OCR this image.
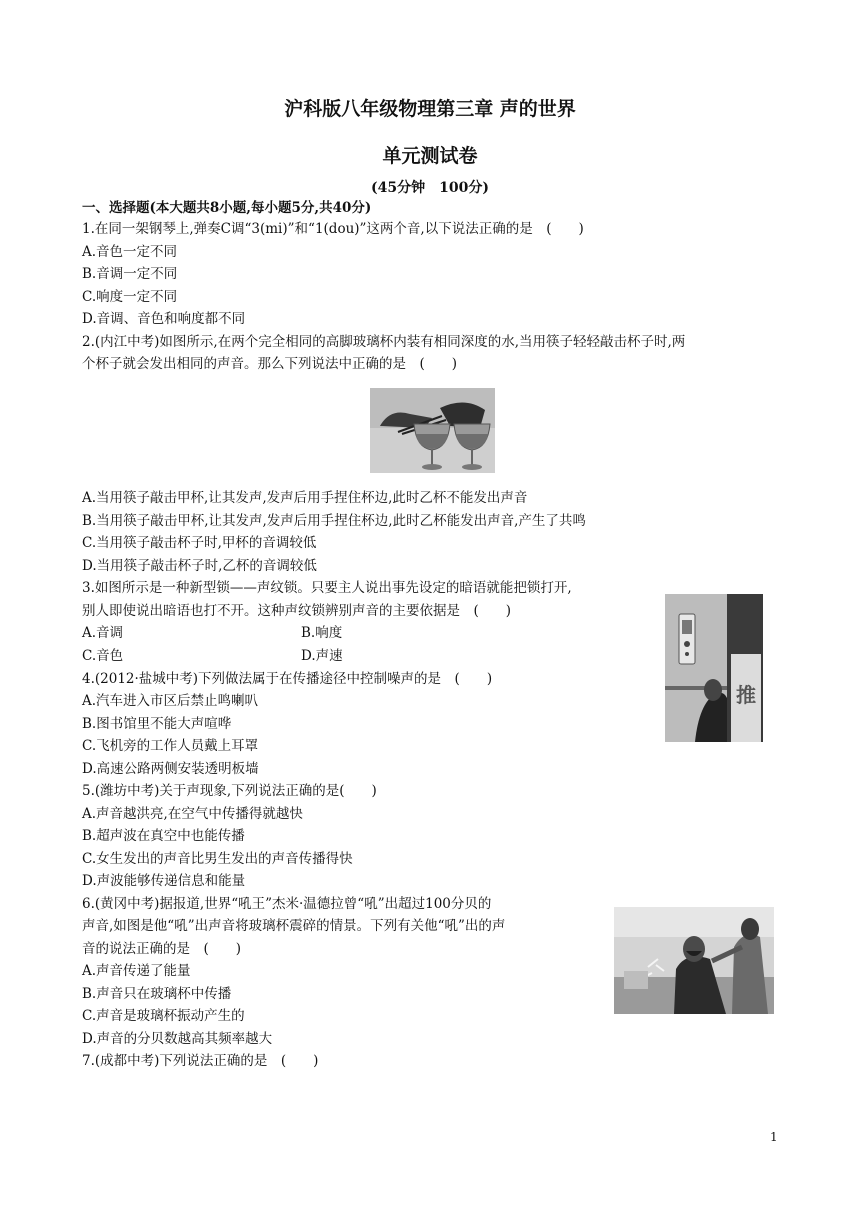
沪科版八年级物理第三章 声的世界
单元测试卷
(45分钟　100分)
一、选择题(本大题共8小题,每小题5分,共40分)
1.在同一架钢琴上,弹奏C调“3(mi)”和“1(dou)”这两个音,以下说法正确的是　(　　)
A.音色一定不同
B.音调一定不同
C.响度一定不同
D.音调、音色和响度都不同
2.(内江中考)如图所示,在两个完全相同的高脚玻璃杯内装有相同深度的水,当用筷子轻轻敲击杯子时,两
个杯子就会发出相同的声音。那么下列说法中正确的是　(　　)
A.当用筷子敲击甲杯,让其发声,发声后用手捏住杯边,此时乙杯不能发出声音
B.当用筷子敲击甲杯,让其发声,发声后用手捏住杯边,此时乙杯能发出声音,产生了共鸣
C.当用筷子敲击杯子时,甲杯的音调较低
D.当用筷子敲击杯子时,乙杯的音调较低
3.如图所示是一种新型锁——声纹锁。只要主人说出事先设定的暗语就能把锁打开,
别人即使说出暗语也打不开。这种声纹锁辨别声音的主要依据是　(　　)
A.音调	B.响度
C.音色	D.声速
推
4.(2012·盐城中考)下列做法属于在传播途径中控制噪声的是　(　　)
A.汽车进入市区后禁止鸣喇叭
B.图书馆里不能大声喧哗
C.飞机旁的工作人员戴上耳罩
D.高速公路两侧安装透明板墙
5.(潍坊中考)关于声现象,下列说法正确的是(　　)
A.声音越洪亮,在空气中传播得就越快
B.超声波在真空中也能传播
C.女生发出的声音比男生发出的声音传播得快
D.声波能够传递信息和能量
6.(黄冈中考)据报道,世界“吼王”杰米·温德拉曾“吼”出超过100分贝的
声音,如图是他“吼”出声音将玻璃杯震碎的情景。下列有关他“吼”出的声
音的说法正确的是　(　　)
A.声音传递了能量
B.声音只在玻璃杯中传播
C.声音是玻璃杯振动产生的
D.声音的分贝数越高其频率越大
7.(成都中考)下列说法正确的是　(　　)
1
